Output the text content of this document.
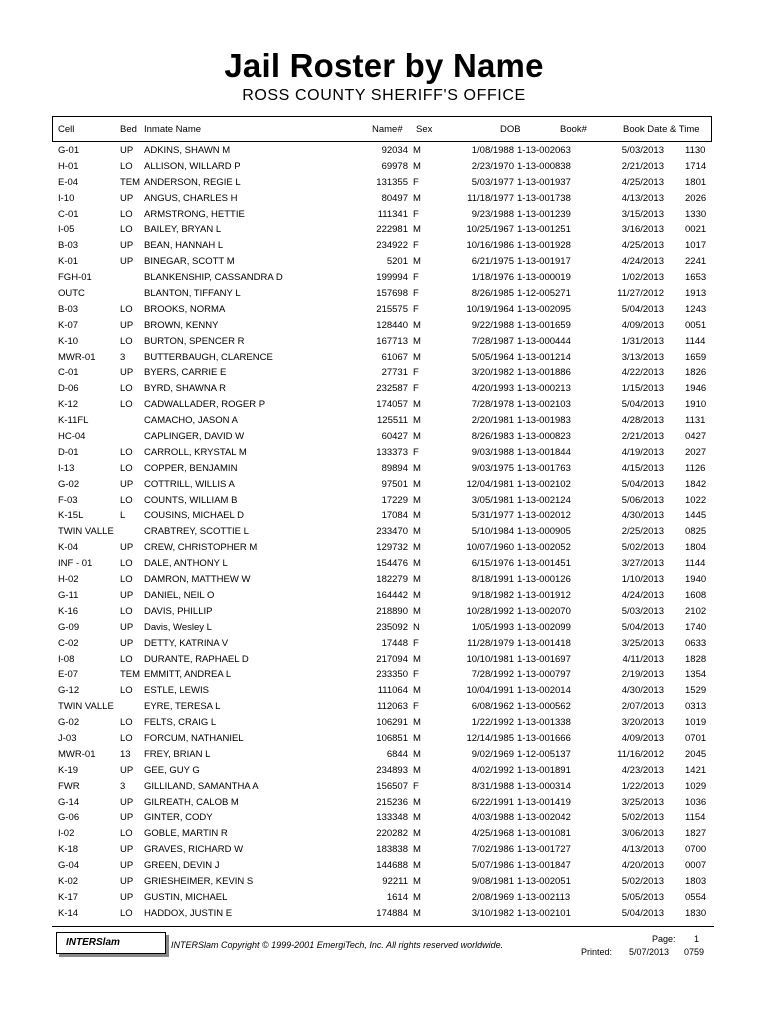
Jail Roster by Name
ROSS COUNTY SHERIFF'S OFFICE
Cell	Bed Inmate Name	Name# Sex	DOB	Book#	Book Date & Time
G-01	UP ADKINS, SHAWN M	92034 M	1/08/1988 1-13-002063	5/03/2013 1130
H-01	LO ALLISON, WILLARD P	69978 M	2/23/1970 1-13-000838	2/21/2013 1714
E-04	TEM ANDERSON, REGIE L	131355 F	5/03/1977 1-13-001937	4/25/2013 1801
I-10	UP ANGUS, CHARLES H	80497 M	11/18/1977 1-13-001738	4/13/2013 2026
C-01	LO ARMSTRONG, HETTIE	111341 F	9/23/1988 1-13-001239	3/15/2013 1330
I-05	LO BAILEY, BRYAN L	222981 M	10/25/1967 1-13-001251	3/16/2013 0021
B-03	UP BEAN, HANNAH L	234922 F	10/16/1986 1-13-001928	4/25/2013 1017
K-01	UP BINEGAR, SCOTT M	5201 M	6/21/1975 1-13-001917	4/24/2013 2241
FGH-01	BLANKENSHIP, CASSANDRA D	199994 F	1/18/1976 1-13-000019	1/02/2013 1653
OUTC	BLANTON, TIFFANY L	157698 F	8/26/1985 1-12-005271	11/27/2012 1913
B-03	LO BROOKS, NORMA	215575 F	10/19/1964 1-13-002095	5/04/2013 1243
K-07	UP BROWN, KENNY	128440 M	9/22/1988 1-13-001659	4/09/2013 0051
K-10	LO BURTON, SPENCER R	167713 M	7/28/1987 1-13-000444	1/31/2013 1144
MWR-01	3 BUTTERBAUGH, CLARENCE	61067 M	5/05/1964 1-13-001214	3/13/2013 1659
C-01	UP BYERS, CARRIE E	27731 F	3/20/1982 1-13-001886	4/22/2013 1826
D-06	LO BYRD, SHAWNA R	232587 F	4/20/1993 1-13-000213	1/15/2013 1946
K-12	LO CADWALLADER, ROGER P	174057 M	7/28/1978 1-13-002103	5/04/2013 1910
K-11FL	CAMACHO, JASON A	125511 M	2/20/1981 1-13-001983	4/28/2013 1131
HC-04	CAPLINGER, DAVID W	60427 M	8/26/1983 1-13-000823	2/21/2013 0427
D-01	LO CARROLL, KRYSTAL M	133373 F	9/03/1988 1-13-001844	4/19/2013 2027
I-13	LO COPPER, BENJAMIN	89894 M	9/03/1975 1-13-001763	4/15/2013 1126
G-02	UP COTTRILL, WILLIS A	97501 M	12/04/1981 1-13-002102	5/04/2013 1842
F-03	LO COUNTS, WILLIAM B	17229 M	3/05/1981 1-13-002124	5/06/2013 1022
K-15L	L COUSINS, MICHAEL D	17084 M	5/31/1977 1-13-002012	4/30/2013 1445
TWIN VALLE	CRABTREY, SCOTTIE L	233470 M	5/10/1984 1-13-000905	2/25/2013 0825
K-04	UP CREW, CHRISTOPHER M	129732 M	10/07/1960 1-13-002052	5/02/2013 1804
INF - 01	LO DALE, ANTHONY L	154476 M	6/15/1976 1-13-001451	3/27/2013 1144
H-02	LO DAMRON, MATTHEW W	182279 M	8/18/1991 1-13-000126	1/10/2013 1940
G-11	UP DANIEL, NEIL O	164442 M	9/18/1982 1-13-001912	4/24/2013 1608
K-16	LO DAVIS, PHILLIP	218890 M	10/28/1992 1-13-002070	5/03/2013 2102
G-09	UP Davis, Wesley L	235092 N	1/05/1993 1-13-002099	5/04/2013 1740
C-02	UP DETTY, KATRINA V	17448 F	11/28/1979 1-13-001418	3/25/2013 0633
I-08	LO DURANTE, RAPHAEL D	217094 M	10/10/1981 1-13-001697	4/11/2013 1828
E-07	TEM EMMITT, ANDREA L	233350 F	7/28/1992 1-13-000797	2/19/2013 1354
G-12	LO ESTLE, LEWIS	111064 M	10/04/1991 1-13-002014	4/30/2013 1529
TWIN VALLE	EYRE, TERESA L	112063 F	6/08/1962 1-13-000562	2/07/2013 0313
G-02	LO FELTS, CRAIG L	106291 M	1/22/1992 1-13-001338	3/20/2013 1019
J-03	LO FORCUM, NATHANIEL	106851 M	12/14/1985 1-13-001666	4/09/2013 0701
MWR-01	13 FREY, BRIAN L	6844 M	9/02/1969 1-12-005137	11/16/2012 2045
K-19	UP GEE, GUY G	234893 M	4/02/1992 1-13-001891	4/23/2013 1421
FWR	3 GILLILAND, SAMANTHA A	156507 F	8/31/1988 1-13-000314	1/22/2013 1029
G-14	UP GILREATH, CALOB M	215236 M	6/22/1991 1-13-001419	3/25/2013 1036
G-06	UP GINTER, CODY	133348 M	4/03/1988 1-13-002042	5/02/2013 1154
I-02	LO GOBLE, MARTIN R	220282 M	4/25/1968 1-13-001081	3/06/2013 1827
K-18	UP GRAVES, RICHARD W	183838 M	7/02/1986 1-13-001727	4/13/2013 0700
G-04	UP GREEN, DEVIN J	144688 M	5/07/1986 1-13-001847	4/20/2013 0007
K-02	UP GRIESHEIMER, KEVIN S	92211 M	9/08/1981 1-13-002051	5/02/2013 1803
K-17	UP GUSTIN, MICHAEL	1614 M	2/08/1969 1-13-002113	5/05/2013 0554
K-14	LO HADDOX, JUSTIN E	174884 M	3/10/1982 1-13-002101	5/04/2013 1830
INTERSlam	INTERSlam Copyright © 1999-2001 EmergiTech, Inc. All rights reserved worldwide.
Page: 1
Printed: 5/07/2013 0759
